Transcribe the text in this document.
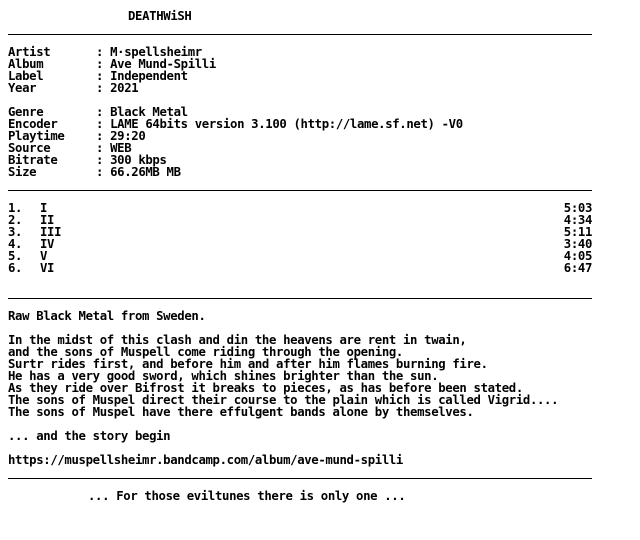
DEATHWiSH
Artist	: M·spellsheimr
Album	: Ave Mund-Spilli
Label	: Independent
Year	: 2021
Genre	: Black Metal
Encoder	: LAME 64bits version 3.100 (http://lame.sf.net) -V0
Playtime	: 29:20
Source	: WEB
Bitrate	: 300 kbps
Size	: 66.26MB MB
1.	I	5:03
2.	II	4:34
3.	III	5:11
4.	IV	3:40
5.	V	4:05
6.	VI	6:47
Raw Black Metal from Sweden.
In the midst of this clash and din the heavens are rent in twain,
and the sons of Muspell come riding through the opening.
Surtr rides first, and before him and after him flames burning fire.
He has a very good sword, which shines brighter than the sun.
As they ride over Bifrost it breaks to pieces, as has before been stated.
The sons of Muspel direct their course to the plain which is called Vigrid....
The sons of Muspel have there effulgent bands alone by themselves.
... and the story begin
https://muspellsheimr.bandcamp.com/album/ave-mund-spilli
... For those eviltunes there is only one ...
